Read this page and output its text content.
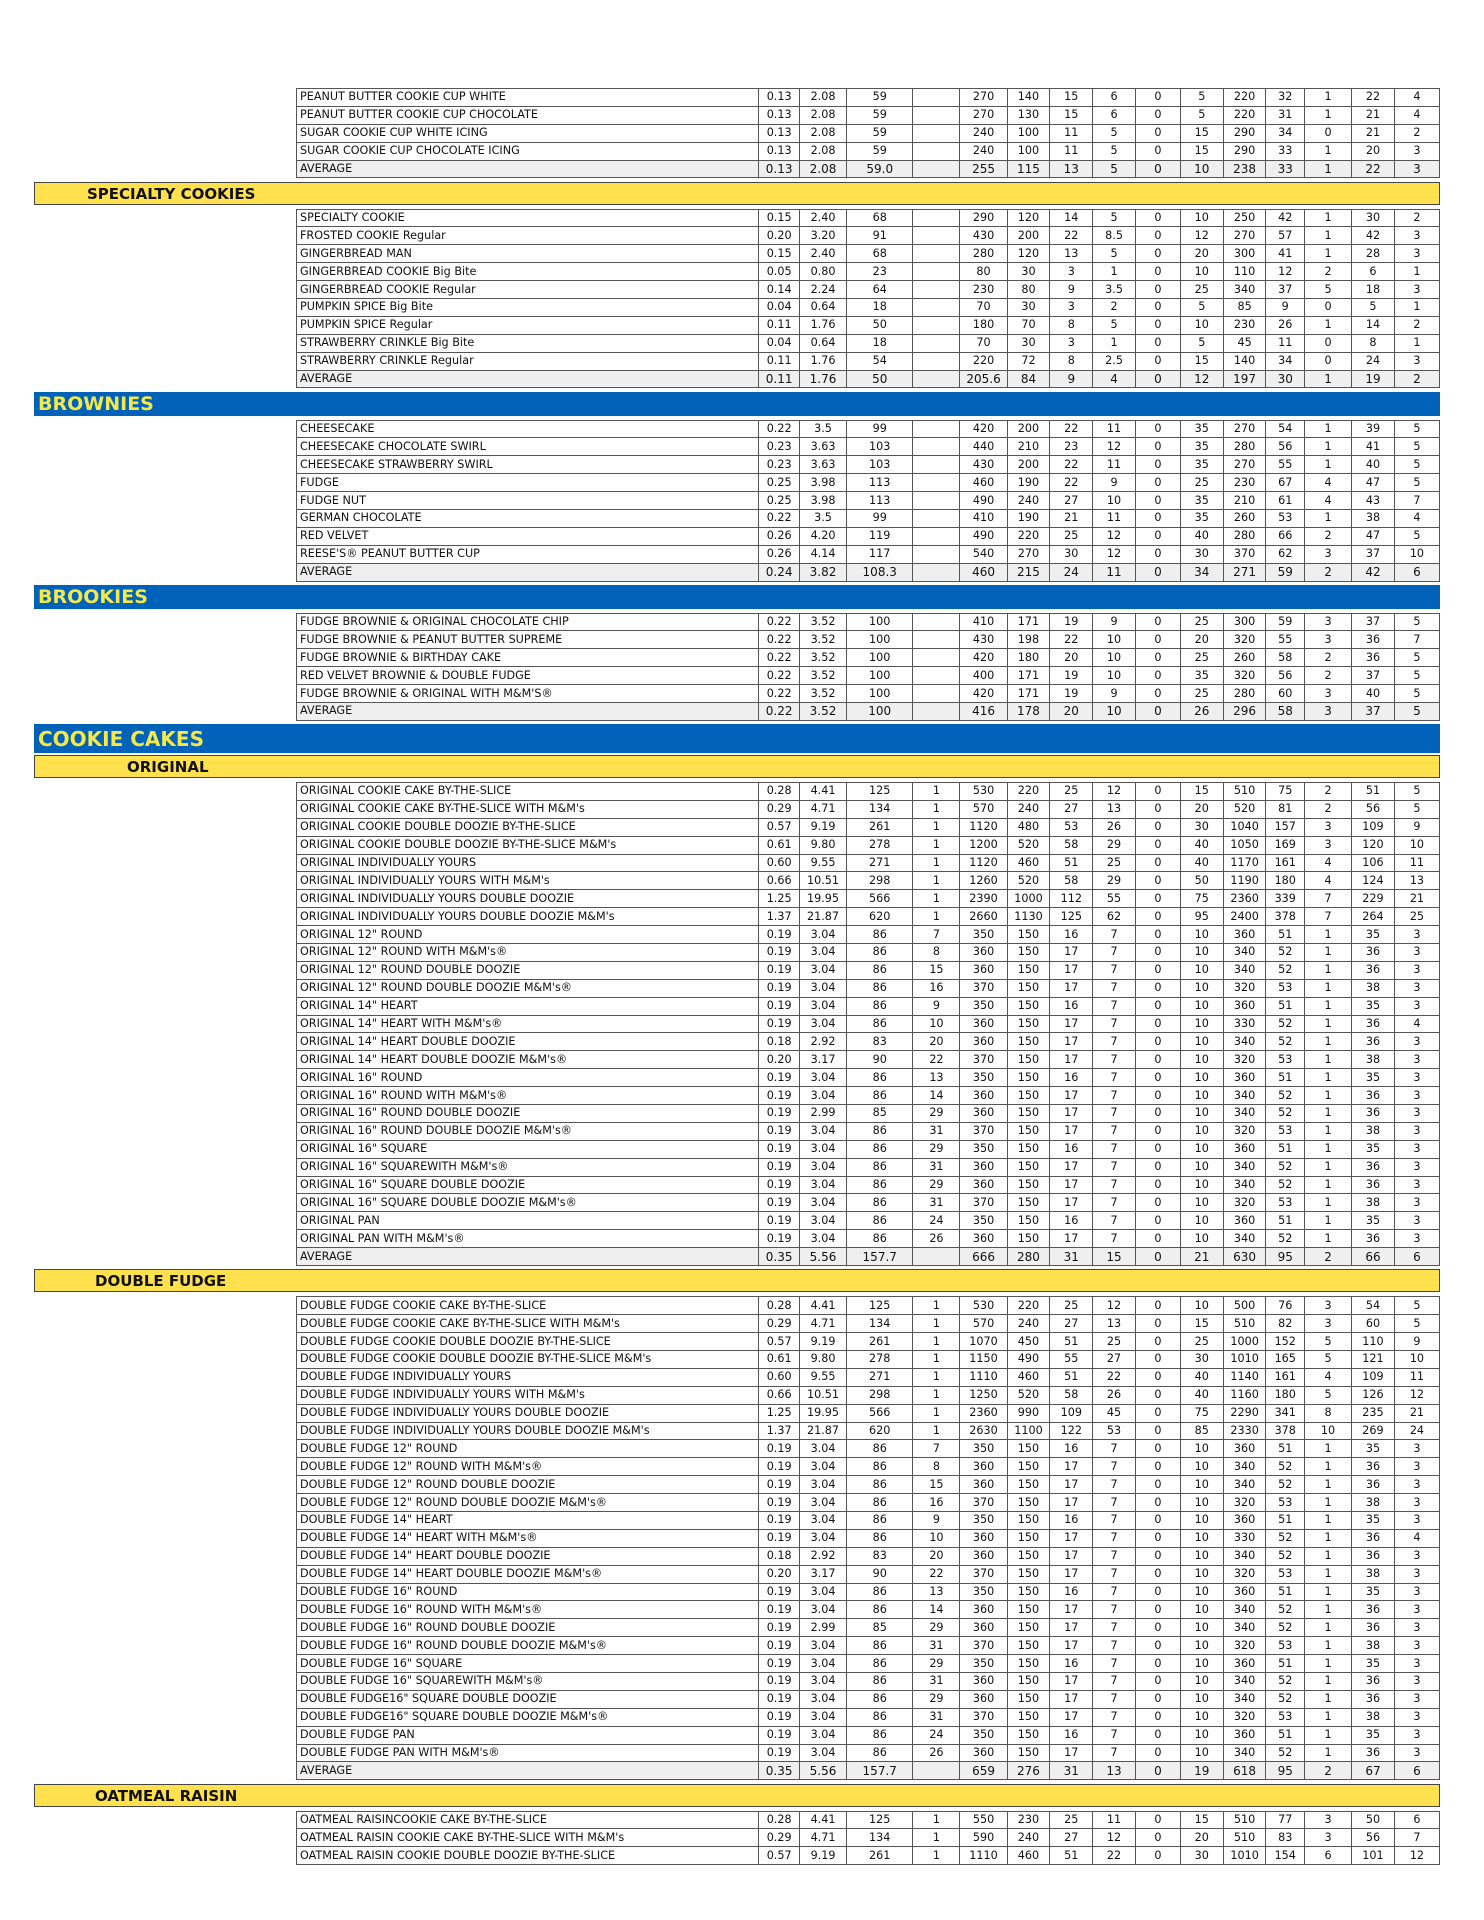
PEANUT BUTTER COOKIE CUP WHITE	0.13	2.08	59		270	140	15	6	0	5	220	32	1	22	4
PEANUT BUTTER COOKIE CUP CHOCOLATE	0.13	2.08	59		270	130	15	6	0	5	220	31	1	21	4
SUGAR COOKIE CUP WHITE ICING	0.13	2.08	59		240	100	11	5	0	15	290	34	0	21	2
SUGAR COOKIE CUP CHOCOLATE ICING	0.13	2.08	59		240	100	11	5	0	15	290	33	1	20	3
AVERAGE	0.13	2.08	59.0		255	115	13	5	0	10	238	33	1	22	3
SPECIALTY COOKIES
SPECIALTY COOKIE	0.15	2.40	68		290	120	14	5	0	10	250	42	1	30	2
FROSTED COOKIE Regular	0.20	3.20	91		430	200	22	8.5	0	12	270	57	1	42	3
GINGERBREAD MAN	0.15	2.40	68		280	120	13	5	0	20	300	41	1	28	3
GINGERBREAD COOKIE Big Bite	0.05	0.80	23		80	30	3	1	0	10	110	12	2	6	1
GINGERBREAD COOKIE Regular	0.14	2.24	64		230	80	9	3.5	0	25	340	37	5	18	3
PUMPKIN SPICE Big Bite	0.04	0.64	18		70	30	3	2	0	5	85	9	0	5	1
PUMPKIN SPICE Regular	0.11	1.76	50		180	70	8	5	0	10	230	26	1	14	2
STRAWBERRY CRINKLE Big Bite	0.04	0.64	18		70	30	3	1	0	5	45	11	0	8	1
STRAWBERRY CRINKLE Regular	0.11	1.76	54		220	72	8	2.5	0	15	140	34	0	24	3
AVERAGE	0.11	1.76	50		205.6	84	9	4	0	12	197	30	1	19	2
BROWNIES
CHEESECAKE	0.22	3.5	99		420	200	22	11	0	35	270	54	1	39	5
CHEESECAKE CHOCOLATE SWIRL	0.23	3.63	103		440	210	23	12	0	35	280	56	1	41	5
CHEESECAKE STRAWBERRY SWIRL	0.23	3.63	103		430	200	22	11	0	35	270	55	1	40	5
FUDGE	0.25	3.98	113		460	190	22	9	0	25	230	67	4	47	5
FUDGE NUT	0.25	3.98	113		490	240	27	10	0	35	210	61	4	43	7
GERMAN CHOCOLATE	0.22	3.5	99		410	190	21	11	0	35	260	53	1	38	4
RED VELVET	0.26	4.20	119		490	220	25	12	0	40	280	66	2	47	5
REESE'S® PEANUT BUTTER CUP	0.26	4.14	117		540	270	30	12	0	30	370	62	3	37	10
AVERAGE	0.24	3.82	108.3		460	215	24	11	0	34	271	59	2	42	6
BROOKIES
FUDGE BROWNIE & ORIGINAL CHOCOLATE CHIP	0.22	3.52	100		410	171	19	9	0	25	300	59	3	37	5
FUDGE BROWNIE & PEANUT BUTTER SUPREME	0.22	3.52	100		430	198	22	10	0	20	320	55	3	36	7
FUDGE BROWNIE & BIRTHDAY CAKE	0.22	3.52	100		420	180	20	10	0	25	260	58	2	36	5
RED VELVET BROWNIE & DOUBLE FUDGE	0.22	3.52	100		400	171	19	10	0	35	320	56	2	37	5
FUDGE BROWNIE & ORIGINAL WITH M&M'S®	0.22	3.52	100		420	171	19	9	0	25	280	60	3	40	5
AVERAGE	0.22	3.52	100		416	178	20	10	0	26	296	58	3	37	5
COOKIE CAKES
ORIGINAL
ORIGINAL COOKIE CAKE BY-THE-SLICE	0.28	4.41	125	1	530	220	25	12	0	15	510	75	2	51	5
ORIGINAL COOKIE CAKE BY-THE-SLICE WITH M&M's	0.29	4.71	134	1	570	240	27	13	0	20	520	81	2	56	5
ORIGINAL COOKIE DOUBLE DOOZIE BY-THE-SLICE	0.57	9.19	261	1	1120	480	53	26	0	30	1040	157	3	109	9
ORIGINAL COOKIE DOUBLE DOOZIE BY-THE-SLICE M&M's	0.61	9.80	278	1	1200	520	58	29	0	40	1050	169	3	120	10
ORIGINAL INDIVIDUALLY YOURS	0.60	9.55	271	1	1120	460	51	25	0	40	1170	161	4	106	11
ORIGINAL INDIVIDUALLY YOURS WITH M&M's	0.66	10.51	298	1	1260	520	58	29	0	50	1190	180	4	124	13
ORIGINAL INDIVIDUALLY YOURS DOUBLE DOOZIE	1.25	19.95	566	1	2390	1000	112	55	0	75	2360	339	7	229	21
ORIGINAL INDIVIDUALLY YOURS DOUBLE DOOZIE M&M's	1.37	21.87	620	1	2660	1130	125	62	0	95	2400	378	7	264	25
ORIGINAL 12" ROUND	0.19	3.04	86	7	350	150	16	7	0	10	360	51	1	35	3
ORIGINAL 12" ROUND WITH M&M's®	0.19	3.04	86	8	360	150	17	7	0	10	340	52	1	36	3
ORIGINAL 12" ROUND DOUBLE DOOZIE	0.19	3.04	86	15	360	150	17	7	0	10	340	52	1	36	3
ORIGINAL 12" ROUND DOUBLE DOOZIE M&M's®	0.19	3.04	86	16	370	150	17	7	0	10	320	53	1	38	3
ORIGINAL 14" HEART	0.19	3.04	86	9	350	150	16	7	0	10	360	51	1	35	3
ORIGINAL 14" HEART WITH M&M's®	0.19	3.04	86	10	360	150	17	7	0	10	330	52	1	36	4
ORIGINAL 14" HEART DOUBLE DOOZIE	0.18	2.92	83	20	360	150	17	7	0	10	340	52	1	36	3
ORIGINAL 14" HEART DOUBLE DOOZIE M&M's®	0.20	3.17	90	22	370	150	17	7	0	10	320	53	1	38	3
ORIGINAL 16" ROUND	0.19	3.04	86	13	350	150	16	7	0	10	360	51	1	35	3
ORIGINAL 16" ROUND WITH M&M's®	0.19	3.04	86	14	360	150	17	7	0	10	340	52	1	36	3
ORIGINAL 16" ROUND DOUBLE DOOZIE	0.19	2.99	85	29	360	150	17	7	0	10	340	52	1	36	3
ORIGINAL 16" ROUND DOUBLE DOOZIE M&M's®	0.19	3.04	86	31	370	150	17	7	0	10	320	53	1	38	3
ORIGINAL 16" SQUARE	0.19	3.04	86	29	350	150	16	7	0	10	360	51	1	35	3
ORIGINAL 16" SQUAREWITH M&M's®	0.19	3.04	86	31	360	150	17	7	0	10	340	52	1	36	3
ORIGINAL 16" SQUARE DOUBLE DOOZIE	0.19	3.04	86	29	360	150	17	7	0	10	340	52	1	36	3
ORIGINAL 16" SQUARE DOUBLE DOOZIE M&M's®	0.19	3.04	86	31	370	150	17	7	0	10	320	53	1	38	3
ORIGINAL PAN	0.19	3.04	86	24	350	150	16	7	0	10	360	51	1	35	3
ORIGINAL PAN WITH M&M's®	0.19	3.04	86	26	360	150	17	7	0	10	340	52	1	36	3
AVERAGE	0.35	5.56	157.7		666	280	31	15	0	21	630	95	2	66	6
DOUBLE FUDGE
DOUBLE FUDGE COOKIE CAKE BY-THE-SLICE	0.28	4.41	125	1	530	220	25	12	0	10	500	76	3	54	5
DOUBLE FUDGE COOKIE CAKE BY-THE-SLICE WITH M&M's	0.29	4.71	134	1	570	240	27	13	0	15	510	82	3	60	5
DOUBLE FUDGE COOKIE DOUBLE DOOZIE BY-THE-SLICE	0.57	9.19	261	1	1070	450	51	25	0	25	1000	152	5	110	9
DOUBLE FUDGE COOKIE DOUBLE DOOZIE BY-THE-SLICE M&M's	0.61	9.80	278	1	1150	490	55	27	0	30	1010	165	5	121	10
DOUBLE FUDGE INDIVIDUALLY YOURS	0.60	9.55	271	1	1110	460	51	22	0	40	1140	161	4	109	11
DOUBLE FUDGE INDIVIDUALLY YOURS WITH M&M's	0.66	10.51	298	1	1250	520	58	26	0	40	1160	180	5	126	12
DOUBLE FUDGE INDIVIDUALLY YOURS DOUBLE DOOZIE	1.25	19.95	566	1	2360	990	109	45	0	75	2290	341	8	235	21
DOUBLE FUDGE INDIVIDUALLY YOURS DOUBLE DOOZIE M&M's	1.37	21.87	620	1	2630	1100	122	53	0	85	2330	378	10	269	24
DOUBLE FUDGE 12" ROUND	0.19	3.04	86	7	350	150	16	7	0	10	360	51	1	35	3
DOUBLE FUDGE 12" ROUND WITH M&M's®	0.19	3.04	86	8	360	150	17	7	0	10	340	52	1	36	3
DOUBLE FUDGE 12" ROUND DOUBLE DOOZIE	0.19	3.04	86	15	360	150	17	7	0	10	340	52	1	36	3
DOUBLE FUDGE 12" ROUND DOUBLE DOOZIE M&M's®	0.19	3.04	86	16	370	150	17	7	0	10	320	53	1	38	3
DOUBLE FUDGE 14" HEART	0.19	3.04	86	9	350	150	16	7	0	10	360	51	1	35	3
DOUBLE FUDGE 14" HEART WITH M&M's®	0.19	3.04	86	10	360	150	17	7	0	10	330	52	1	36	4
DOUBLE FUDGE 14" HEART DOUBLE DOOZIE	0.18	2.92	83	20	360	150	17	7	0	10	340	52	1	36	3
DOUBLE FUDGE 14" HEART DOUBLE DOOZIE M&M's®	0.20	3.17	90	22	370	150	17	7	0	10	320	53	1	38	3
DOUBLE FUDGE 16" ROUND	0.19	3.04	86	13	350	150	16	7	0	10	360	51	1	35	3
DOUBLE FUDGE 16" ROUND WITH M&M's®	0.19	3.04	86	14	360	150	17	7	0	10	340	52	1	36	3
DOUBLE FUDGE 16" ROUND DOUBLE DOOZIE	0.19	2.99	85	29	360	150	17	7	0	10	340	52	1	36	3
DOUBLE FUDGE 16" ROUND DOUBLE DOOZIE M&M's®	0.19	3.04	86	31	370	150	17	7	0	10	320	53	1	38	3
DOUBLE FUDGE 16" SQUARE	0.19	3.04	86	29	350	150	16	7	0	10	360	51	1	35	3
DOUBLE FUDGE 16" SQUAREWITH M&M's®	0.19	3.04	86	31	360	150	17	7	0	10	340	52	1	36	3
DOUBLE FUDGE16" SQUARE DOUBLE DOOZIE	0.19	3.04	86	29	360	150	17	7	0	10	340	52	1	36	3
DOUBLE FUDGE16" SQUARE DOUBLE DOOZIE M&M's®	0.19	3.04	86	31	370	150	17	7	0	10	320	53	1	38	3
DOUBLE FUDGE PAN	0.19	3.04	86	24	350	150	16	7	0	10	360	51	1	35	3
DOUBLE FUDGE PAN WITH M&M's®	0.19	3.04	86	26	360	150	17	7	0	10	340	52	1	36	3
AVERAGE	0.35	5.56	157.7		659	276	31	13	0	19	618	95	2	67	6
OATMEAL RAISIN
OATMEAL RAISINCOOKIE CAKE BY-THE-SLICE	0.28	4.41	125	1	550	230	25	11	0	15	510	77	3	50	6
OATMEAL RAISIN COOKIE CAKE BY-THE-SLICE WITH M&M's	0.29	4.71	134	1	590	240	27	12	0	20	510	83	3	56	7
OATMEAL RAISIN COOKIE DOUBLE DOOZIE BY-THE-SLICE	0.57	9.19	261	1	1110	460	51	22	0	30	1010	154	6	101	12
